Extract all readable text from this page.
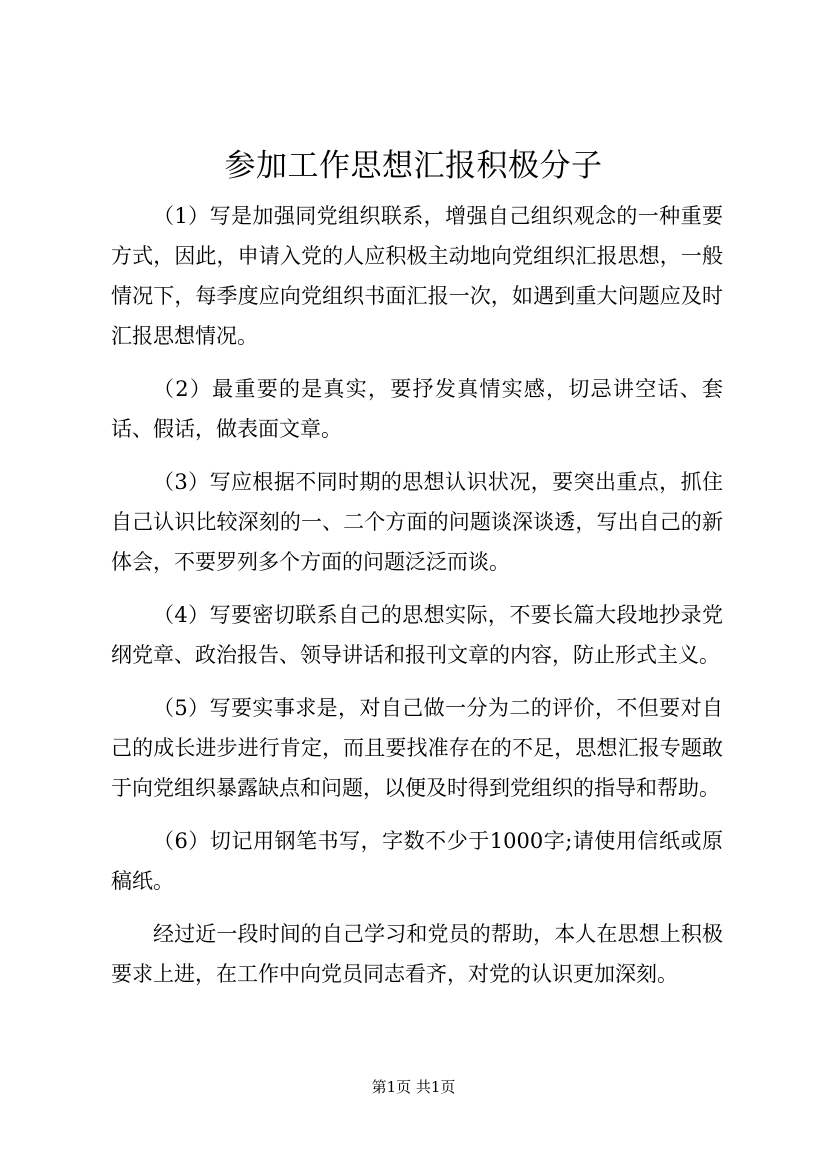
参加工作思想汇报积极分子

（1）写是加强同党组织联系，增强自己组织观念的一种重要方式，因此，申请入党的人应积极主动地向党组织汇报思想，一般情况下，每季度应向党组织书面汇报一次，如遇到重大问题应及时汇报思想情况。

（2）最重要的是真实，要抒发真情实感，切忌讲空话、套话、假话，做表面文章。

（3）写应根据不同时期的思想认识状况，要突出重点，抓住自己认识比较深刻的一、二个方面的问题谈深谈透，写出自己的新体会，不要罗列多个方面的问题泛泛而谈。

（4）写要密切联系自己的思想实际，不要长篇大段地抄录党纲党章、政治报告、领导讲话和报刊文章的内容，防止形式主义。

（5）写要实事求是，对自己做一分为二的评价，不但要对自己的成长进步进行肯定，而且要找准存在的不足，思想汇报专题敢于向党组织暴露缺点和问题，以便及时得到党组织的指导和帮助。

（6）切记用钢笔书写，字数不少于1000字;请使用信纸或原稿纸。

经过近一段时间的自己学习和党员的帮助，本人在思想上积极要求上进，在工作中向党员同志看齐，对党的认识更加深刻。

第1页 共1页
